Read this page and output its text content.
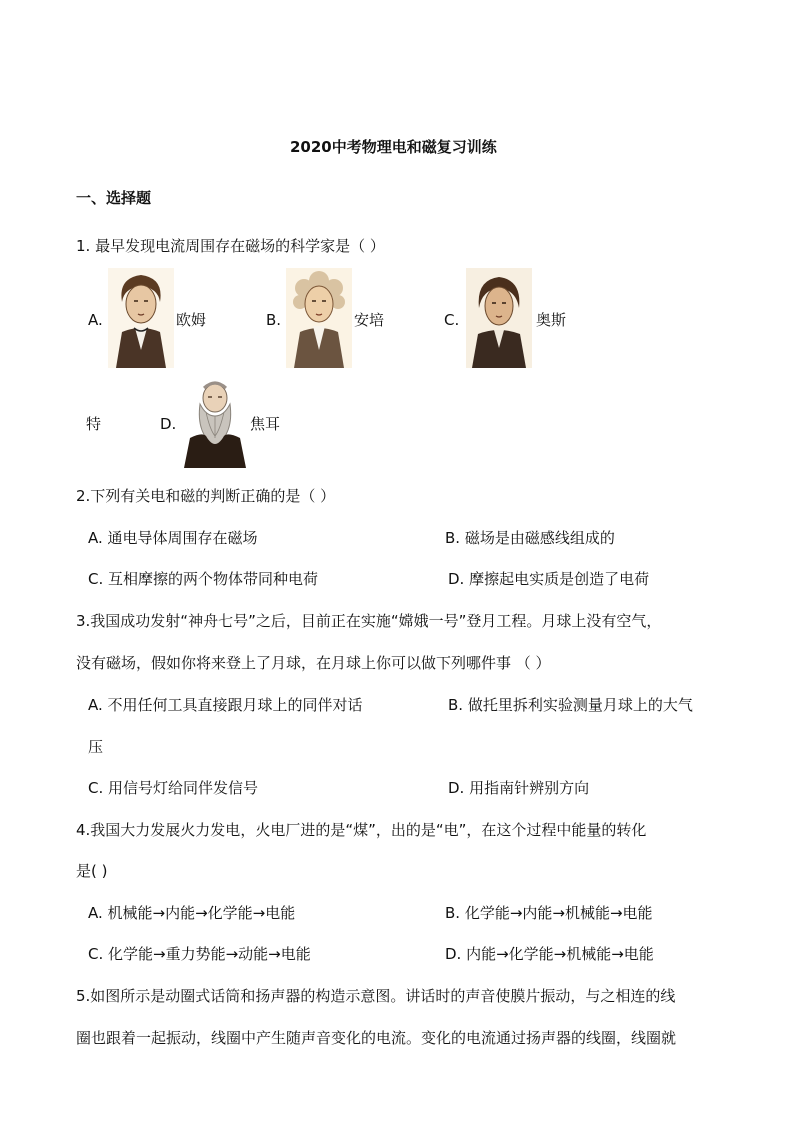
2020中考物理电和磁复习训练
一、选择题
1. 最早发现电流周围存在磁场的科学家是（ ）
A.	欧姆	B.	安培	C.	奥斯
特	D.	焦耳
2.下列有关电和磁的判断正确的是（ ）
A. 通电导体周围存在磁场	B. 磁场是由磁感线组成的
C. 互相摩擦的两个物体带同种电荷	D. 摩擦起电实质是创造了电荷
3.我国成功发射“神舟七号”之后，目前正在实施“嫦娥一号”登月工程。月球上没有空气，
没有磁场，假如你将来登上了月球，在月球上你可以做下列哪件事 （ ）
A. 不用任何工具直接跟月球上的同伴对话	B. 做托里拆利实验测量月球上的大气
压
C. 用信号灯给同伴发信号	D. 用指南针辨别方向
4.我国大力发展火力发电，火电厂进的是“煤”，出的是“电”，在这个过程中能量的转化
是( )
A. 机械能→内能→化学能→电能	B. 化学能→内能→机械能→电能
C. 化学能→重力势能→动能→电能	D. 内能→化学能→机械能→电能
5.如图所示是动圈式话筒和扬声器的构造示意图。讲话时的声音使膜片振动，与之相连的线
圈也跟着一起振动，线圈中产生随声音变化的电流。变化的电流通过扬声器的线圈，线圈就
